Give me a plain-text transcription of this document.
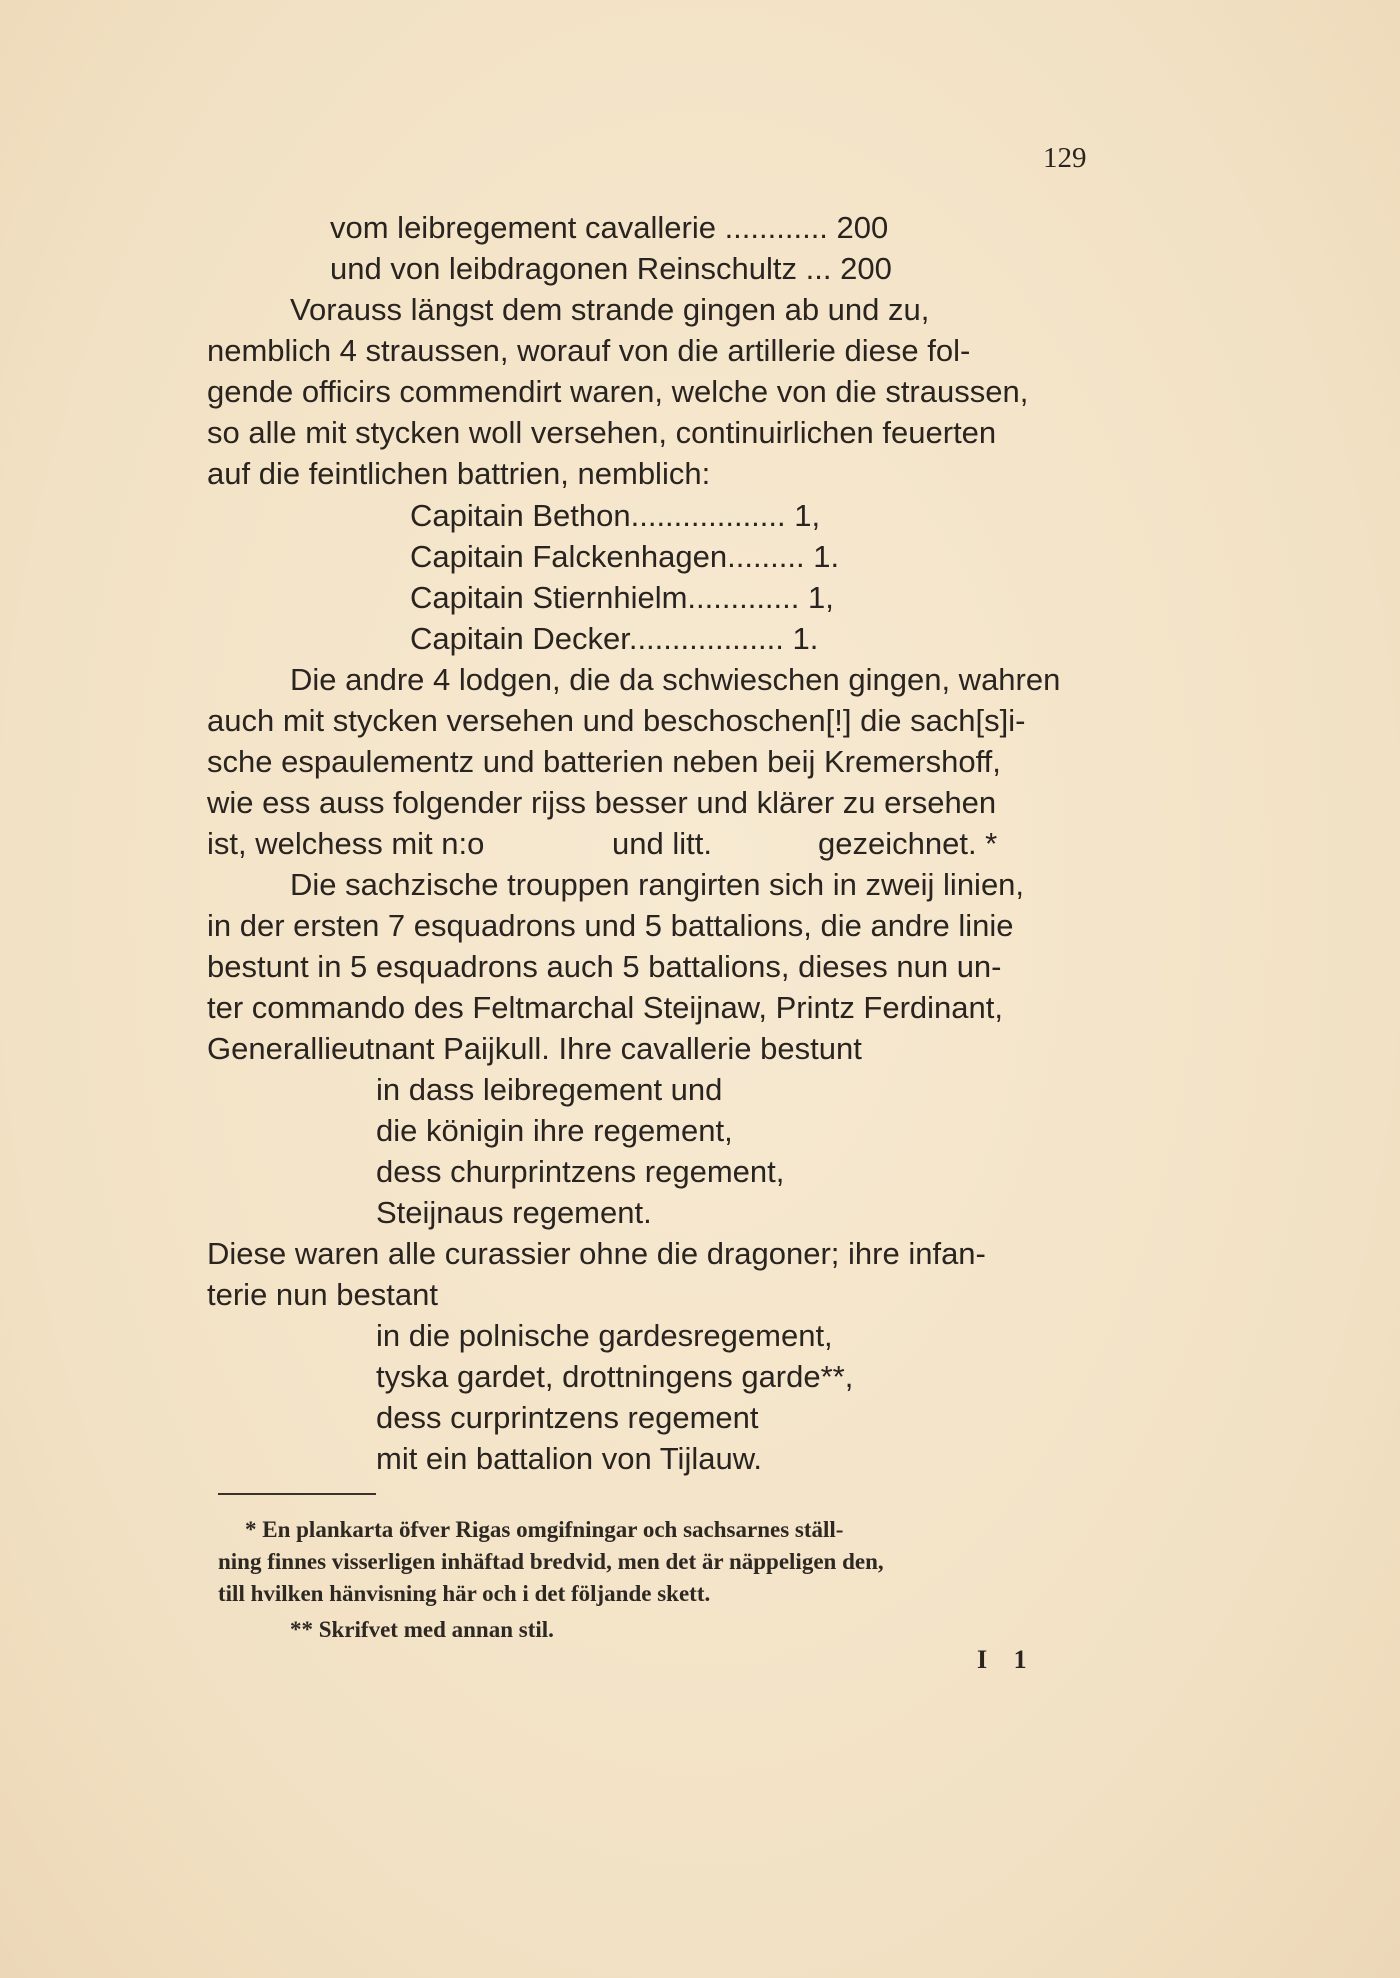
129
vom leibregement cavallerie ............ 200
und von leibdragonen Reinschultz ... 200
Vorauss längst dem strande gingen ab und zu,
nemblich 4 straussen, worauf von die artillerie diese fol-
gende officirs commendirt waren, welche von die straussen,
so alle mit stycken woll versehen, continuirlichen feuerten
auf die feintlichen battrien, nemblich:
Capitain Bethon.................. 1,
Capitain Falckenhagen......... 1.
Capitain Stiernhielm............. 1,
Capitain Decker.................. 1.
Die andre 4 lodgen, die da schwieschen gingen, wahren
auch mit stycken versehen und beschoschen[!] die sach[s]i-
sche espaulementz und batterien neben beij Kremershoff,
wie ess auss folgender rijss besser und klärer zu ersehen
ist, welchess mit n:o	und litt.	gezeichnet. *
Die sachzische trouppen rangirten sich in zweij linien,
in der ersten 7 esquadrons und 5 battalions, die andre linie
bestunt in 5 esquadrons auch 5 battalions, dieses nun un-
ter commando des Feltmarchal Steijnaw, Printz Ferdinant,
Generallieutnant Paijkull. Ihre cavallerie bestunt
in dass leibregement und
die königin ihre regement,
dess churprintzens regement,
Steijnaus regement.
Diese waren alle curassier ohne die dragoner; ihre infan-
terie nun bestant
in die polnische gardesregement,
tyska gardet, drottningens garde**,
dess curprintzens regement
mit ein battalion von Tijlauw.
* En plankarta öfver Rigas omgifningar och sachsarnes ställ-
ning finnes visserligen inhäftad bredvid, men det är näppeligen den,
till hvilken hänvisning här och i det följande skett.
** Skrifvet med annan stil.
I 1
